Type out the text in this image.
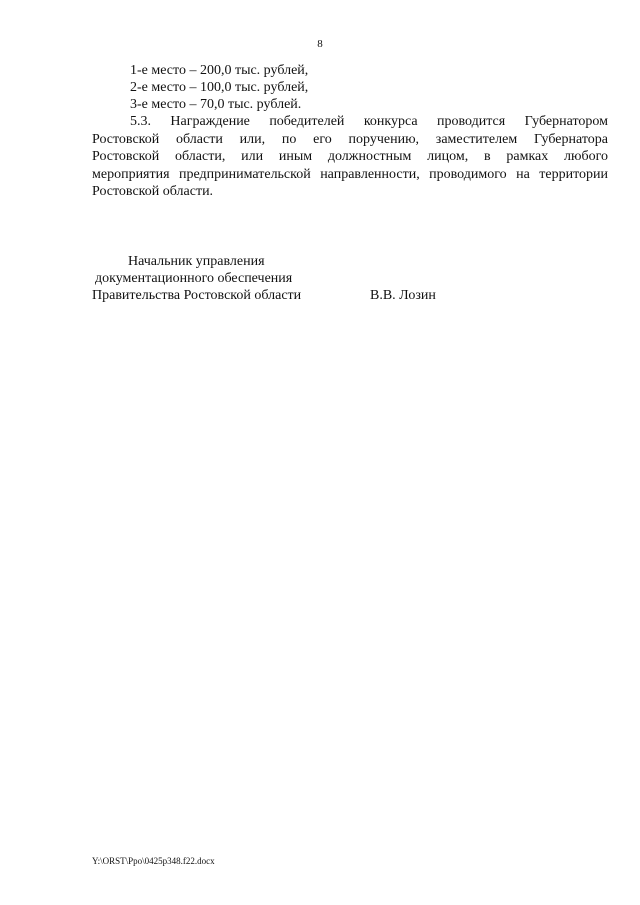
8
1-е место – 200,0 тыс. рублей,
2-е место – 100,0 тыс. рублей,
3-е место – 70,0 тыс. рублей.
5.3. Награждение победителей конкурса проводится Губернатором
Ростовской области или, по его поручению, заместителем Губернатора
Ростовской области, или иным должностным лицом, в рамках любого
мероприятия предпринимательской направленности, проводимого на территории
Ростовской области.
Начальник управления
документационного обеспечения
Правительства Ростовской области	В.В. Лозин
Y:\ORST\Ppo\0425p348.f22.docx
